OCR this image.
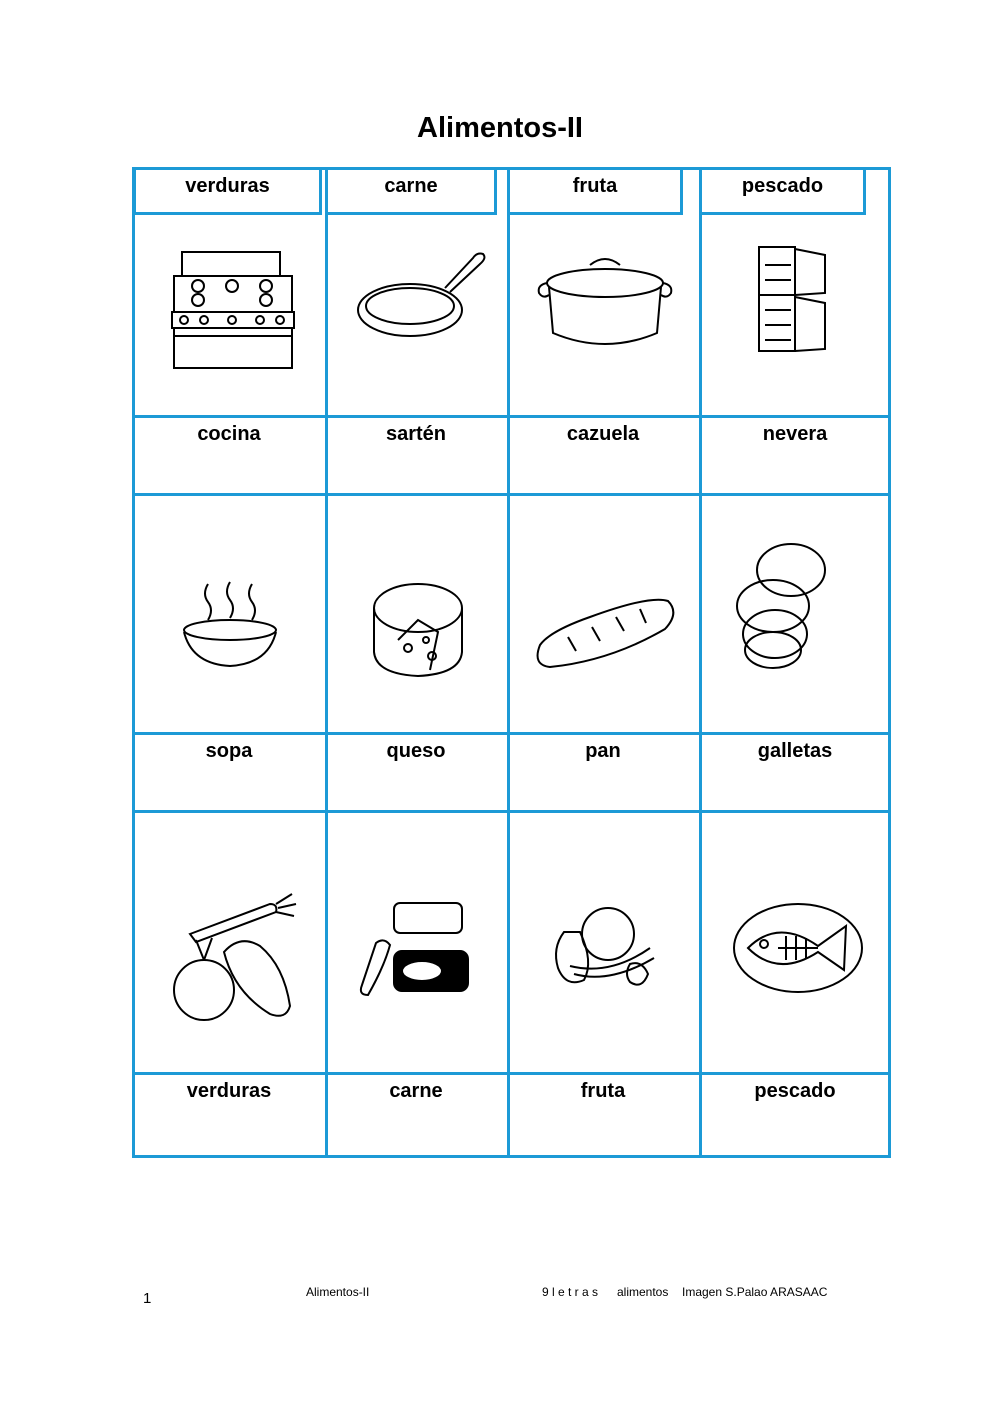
Alimentos-II
verduras	carne	fruta	pescado
cocina	sartén	cazuela	nevera
sopa	queso	pan	galletas
verduras	carne	fruta	pescado
1	Alimentos-II	9 l e t r a s alimentos Imagen S.Palao ARASAAC
